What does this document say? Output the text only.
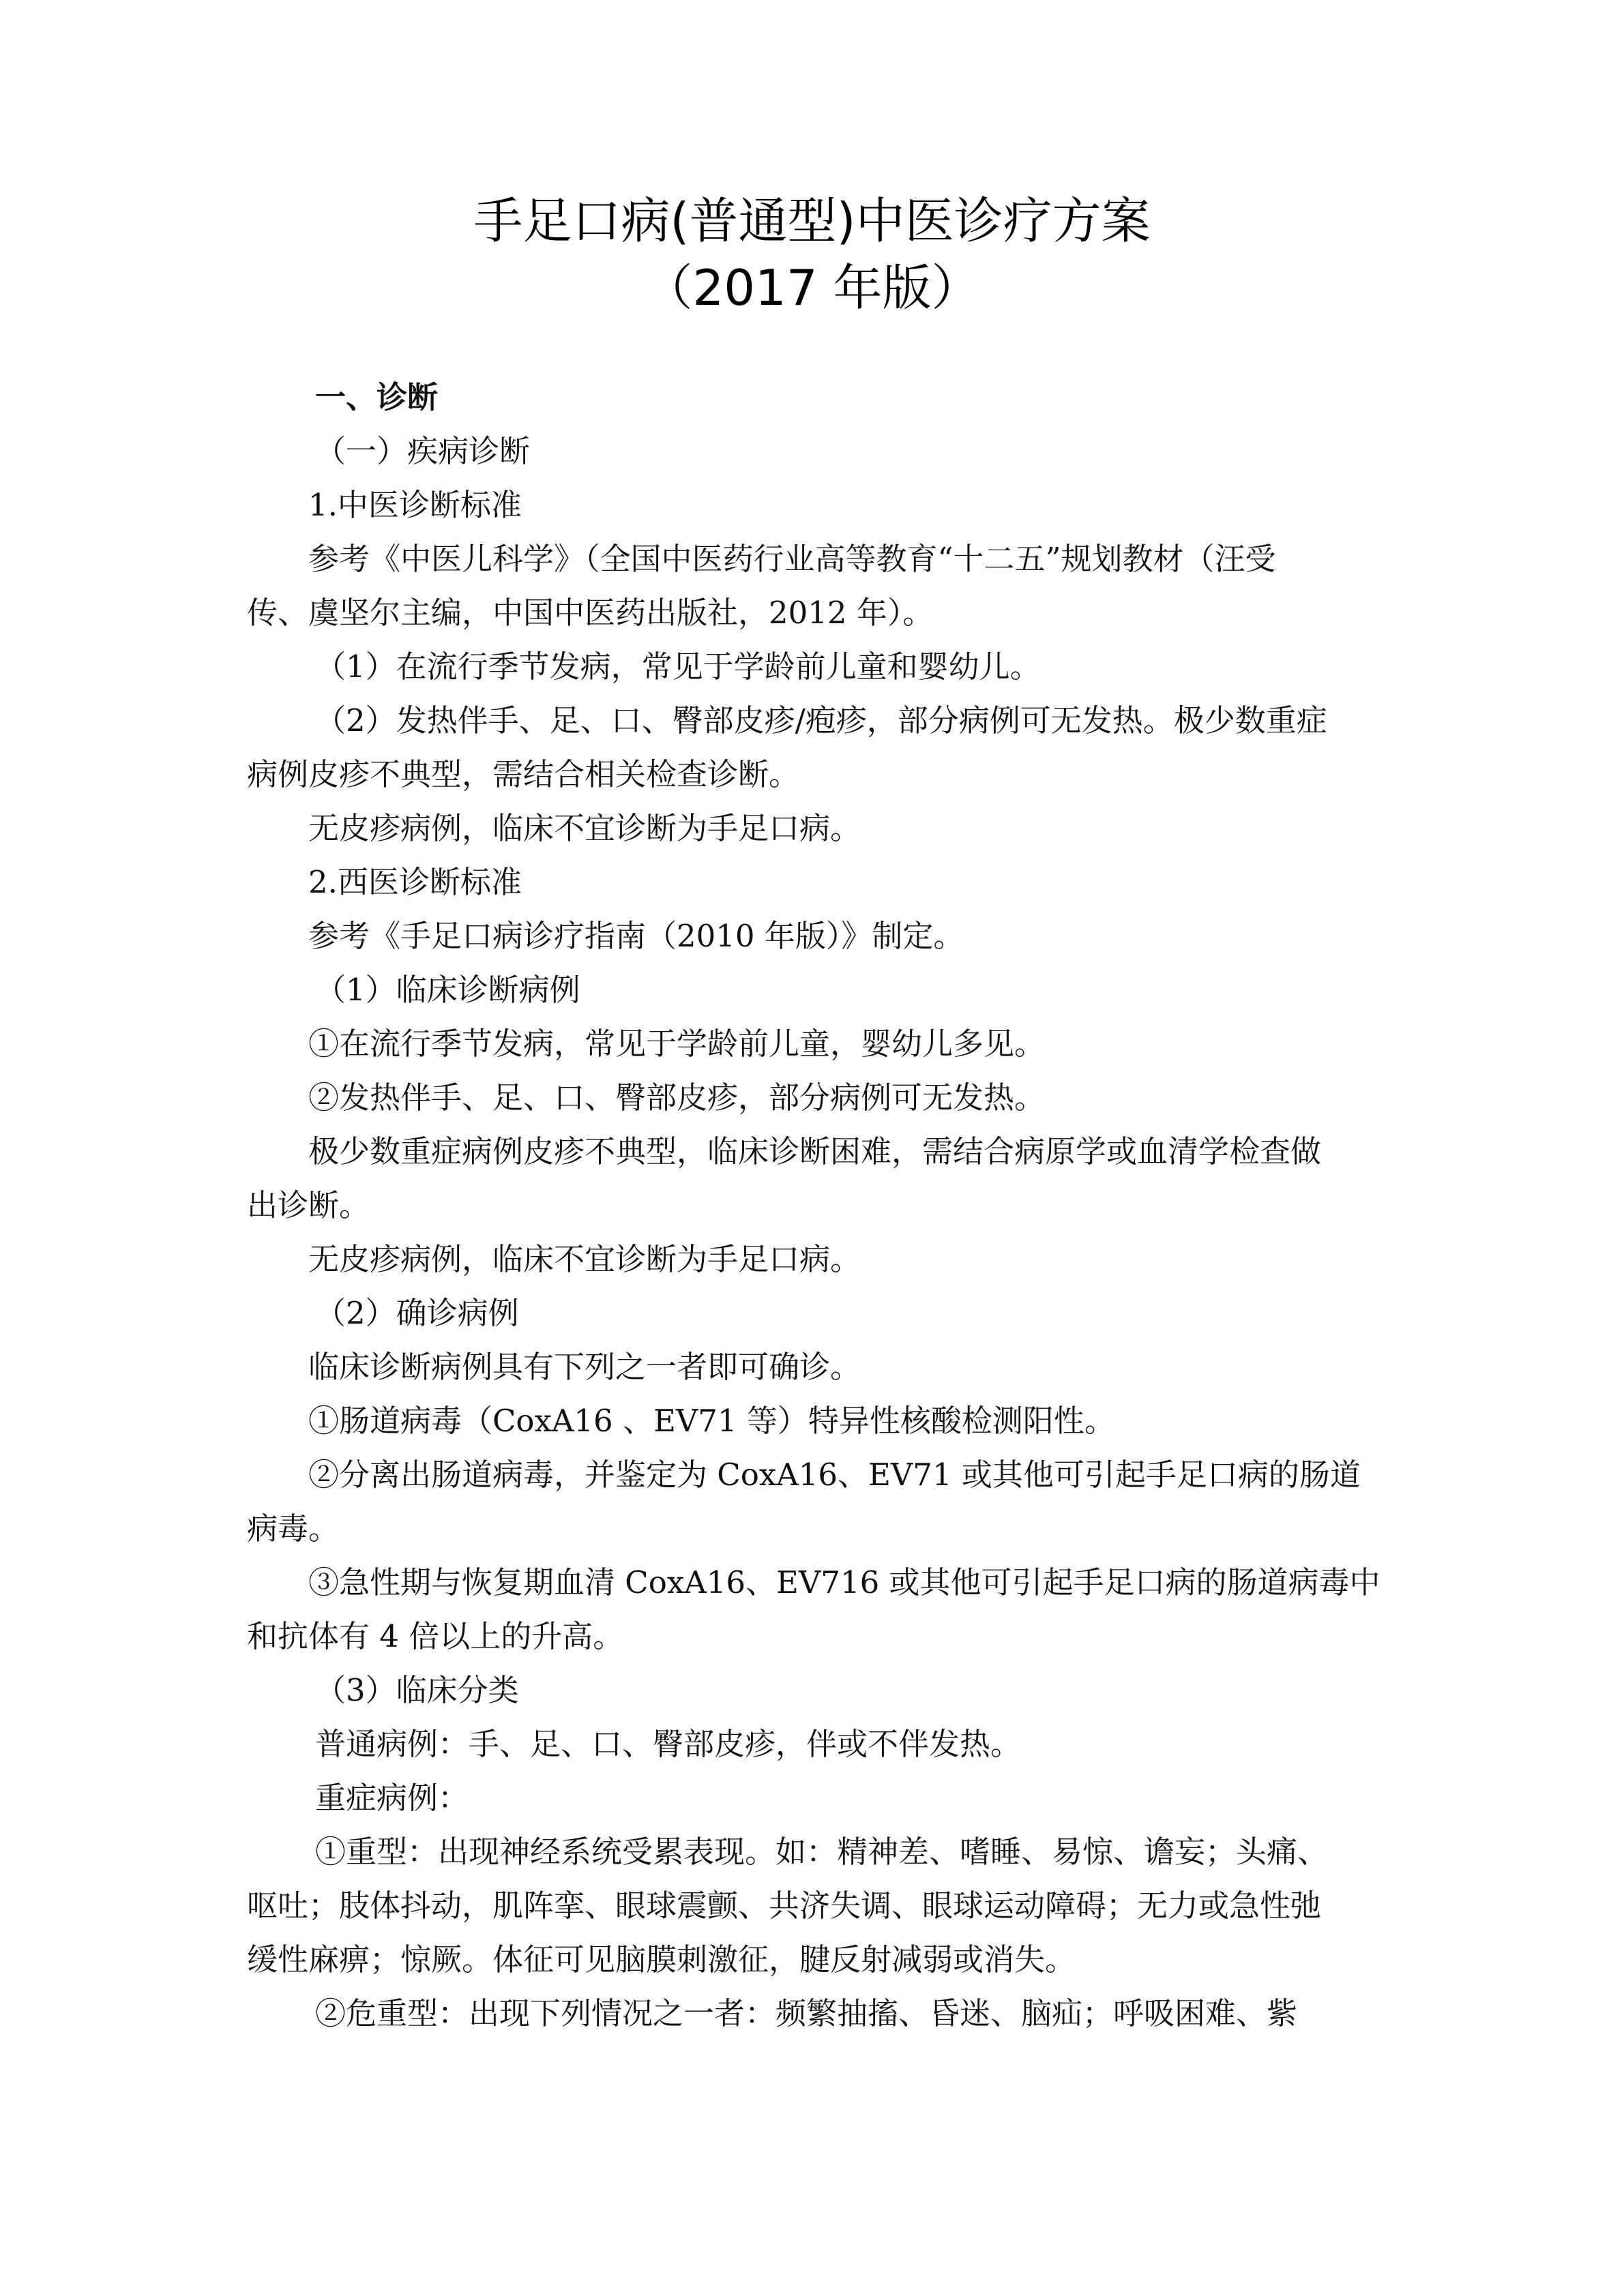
手足口病(普通型)中医诊疗方案
（2017 年版）

一、诊断

（一）疾病诊断

1.中医诊断标准

参考《中医儿科学》（全国中医药行业高等教育“十二五”规划教材（汪受

传、虞坚尔主编，中国中医药出版社，2012 年）。

（1）在流行季节发病，常见于学龄前儿童和婴幼儿。

（2）发热伴手、足、口、臀部皮疹/疱疹，部分病例可无发热。极少数重症

病例皮疹不典型，需结合相关检查诊断。

无皮疹病例，临床不宜诊断为手足口病。

2.西医诊断标准

参考《手足口病诊疗指南（2010 年版）》制定。

（1）临床诊断病例

①在流行季节发病，常见于学龄前儿童，婴幼儿多见。

②发热伴手、足、口、臀部皮疹，部分病例可无发热。

极少数重症病例皮疹不典型，临床诊断困难，需结合病原学或血清学检查做

出诊断。

无皮疹病例，临床不宜诊断为手足口病。

（2）确诊病例

临床诊断病例具有下列之一者即可确诊。

①肠道病毒（CoxA16 、EV71 等）特异性核酸检测阳性。

②分离出肠道病毒，并鉴定为 CoxA16、EV71 或其他可引起手足口病的肠道

病毒。

③急性期与恢复期血清 CoxA16、EV716 或其他可引起手足口病的肠道病毒中

和抗体有 4 倍以上的升高。

（3）临床分类

普通病例：手、足、口、臀部皮疹，伴或不伴发热。

重症病例：

①重型：出现神经系统受累表现。如：精神差、嗜睡、易惊、谵妄；头痛、

呕吐；肢体抖动，肌阵挛、眼球震颤、共济失调、眼球运动障碍；无力或急性弛

缓性麻痹；惊厥。体征可见脑膜刺激征，腱反射减弱或消失。

②危重型：出现下列情况之一者：频繁抽搐、昏迷、脑疝；呼吸困难、紫
